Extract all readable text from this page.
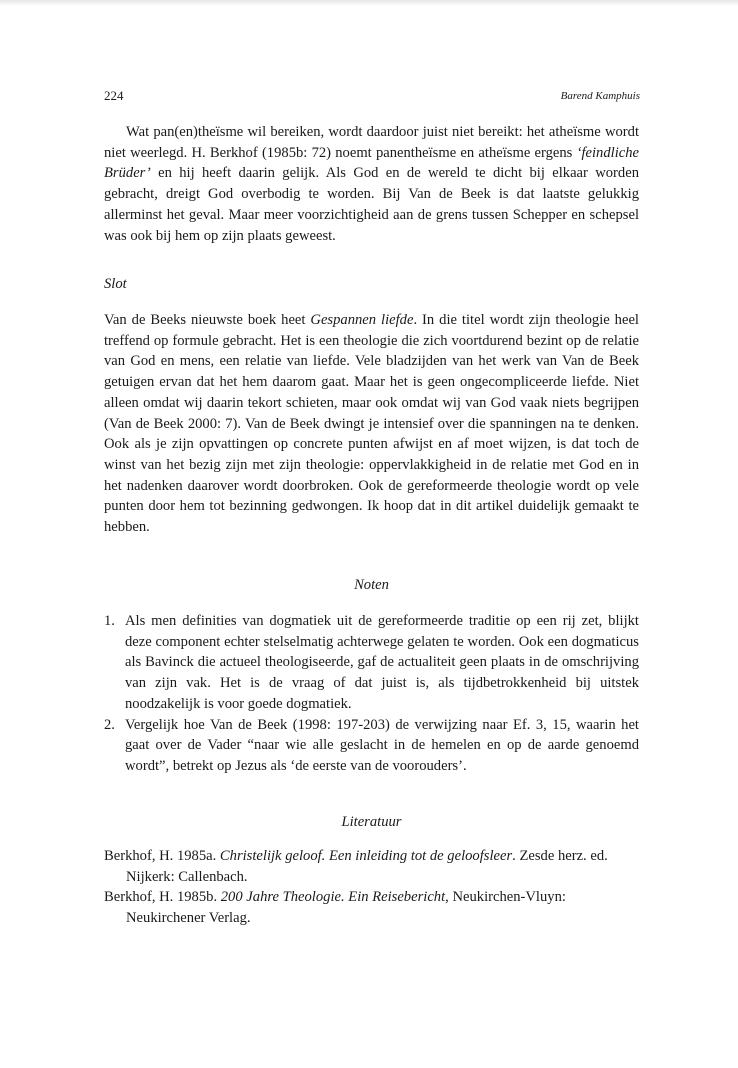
224	Barend Kamphuis

Wat pan(en)theïsme wil bereiken, wordt daardoor juist niet bereikt: het atheïsme wordt niet weerlegd. H. Berkhof (1985b: 72) noemt panentheïsme en atheïsme ergens ‘feindliche Brüder’ en hij heeft daarin gelijk. Als God en de wereld te dicht bij elkaar worden gebracht, dreigt God overbodig te worden. Bij Van de Beek is dat laatste gelukkig allerminst het geval. Maar meer voorzichtigheid aan de grens tussen Schepper en schepsel was ook bij hem op zijn plaats geweest.

Slot

Van de Beeks nieuwste boek heet Gespannen liefde. In die titel wordt zijn theologie heel treffend op formule gebracht. Het is een theologie die zich voortdurend bezint op de relatie van God en mens, een relatie van liefde. Vele bladzijden van het werk van Van de Beek getuigen ervan dat het hem daarom gaat. Maar het is geen ongecompliceerde liefde. Niet alleen omdat wij daarin tekort schieten, maar ook omdat wij van God vaak niets begrijpen (Van de Beek 2000: 7). Van de Beek dwingt je intensief over die spanningen na te denken. Ook als je zijn opvattingen op concrete punten afwijst en af moet wijzen, is dat toch de winst van het bezig zijn met zijn theologie: oppervlakkigheid in de relatie met God en in het nadenken daarover wordt doorbroken. Ook de gereformeerde theologie wordt op vele punten door hem tot bezinning gedwongen. Ik hoop dat in dit artikel duidelijk gemaakt te hebben.

Noten

1. Als men definities van dogmatiek uit de gereformeerde traditie op een rij zet, blijkt deze component echter stelselmatig achterwege gelaten te worden. Ook een dogmaticus als Bavinck die actueel theologiseerde, gaf de actualiteit geen plaats in de omschrijving van zijn vak. Het is de vraag of dat juist is, als tijdbetrokkenheid bij uitstek noodzakelijk is voor goede dogmatiek.

2. Vergelijk hoe Van de Beek (1998: 197-203) de verwijzing naar Ef. 3, 15, waarin het gaat over de Vader “naar wie alle geslacht in de hemelen en op de aarde genoemd wordt”, betrekt op Jezus als ‘de eerste van de voorouders’.

Literatuur

Berkhof, H. 1985a. Christelijk geloof. Een inleiding tot de geloofsleer. Zesde herz. ed. Nijkerk: Callenbach.

Berkhof, H. 1985b. 200 Jahre Theologie. Ein Reisebericht, Neukirchen-Vluyn: Neukirchener Verlag.
